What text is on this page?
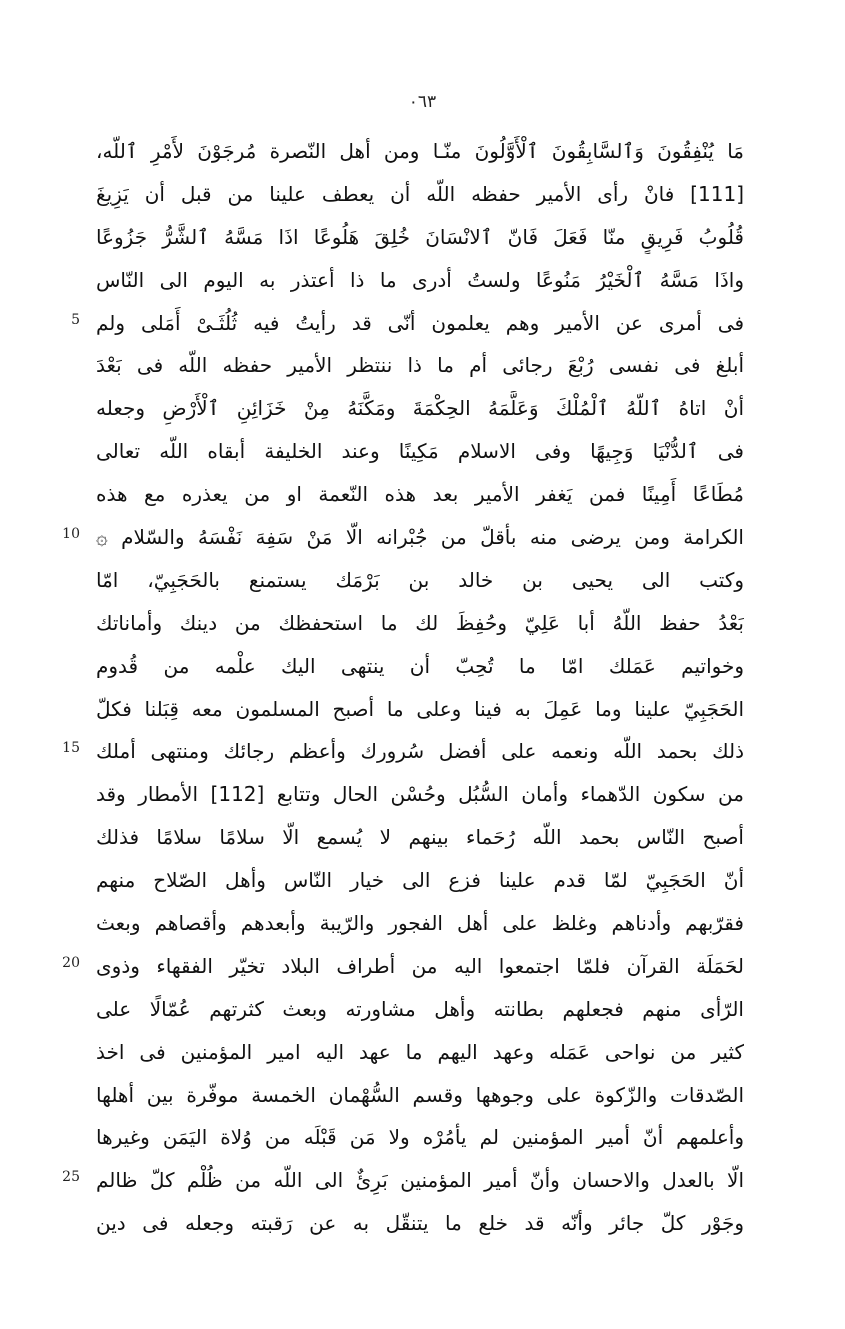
٠٦٣
مَا يُنْفِقُونَ وَٱلسَّابِقُونَ ٱلْأَوَّلُونَ منّـا ومن أهل النّصرة مُرجَوْنَ لأَمْرِ ٱللّه،
[111] فانْ رأى الأمير حفظه اللّه أن يعطف علينا من قبل أن يَزِيغَ
قُلُوبُ فَرِيقٍ منّا فَعَلَ فَانّ ٱلانْسَانَ خُلِقَ هَلُوعًا اذَا مَسَّهُ ٱلشَّرُّ جَزُوعًا
واذَا مَسَّهُ ٱلْخَيْرُ مَنُوعًا ولستُ أدرى ما ذا أعتذر به اليوم الى النّاس
5 فى أمرى عن الأمير وهم يعلمون أنّى قد رأيتُ فيه ثُلُثَـىْ أَمَلى ولم
أبلغ فى نفسى رُبْعَ رجائى أم ما ذا ننتظر الأمير حفظه اللّه فى بَعْدَ
أنْ اتاهُ ٱللّهُ ٱلْمُلْكَ وَعَلَّمَهُ الحِكْمَةَ ومَكَّنَهُ مِنْ خَزَائِنِ ٱلْأَرْضِ وجعله
فى ٱلدُّنْيَا وَجِيهًا وفى الاسلام مَكِينًا وعند الخليفة أبقاه اللّه تعالى
مُطَاعًا أَمِينًا فمن يَغفر الأمير بعد هذه النّعمة او من يعذره مع هذه
10 الكرامة ومن يرضى منه بأقلّ من جُبْرانه الّا مَنْ سَفِهَ نَفْسَهُ والسّلام ۞
وكتب الى يحيى بن خالد بن بَرْمَك يستمنع بالحَجَبِيّ، امّا
بَعْدُ حفظ اللّهُ أبا عَلِيّ وحُفِظَ لك ما استحفظك من دينك وأماناتك
وخواتيم عَمَلك امّا ما تُحِبّ أن ينتهى اليك علْمه من قُدوم
الحَجَبِيّ علينا وما عَمِلَ به فينا وعلى ما أصبح المسلمون معه قِبَلنا فكلّ
15 ذلك بحمد اللّه ونعمه على أفضل سُرورك وأعظم رجائك ومنتهى أملك
من سكون الدّهماء وأمان السُّبُل وحُسْن الحال وتتابع [112] الأمطار وقد
أصبح النّاس بحمد اللّه رُحَماء بينهم لا يُسمع الّا سلامًا سلامًا فذلك
أنّ الحَجَبِيّ لمّا قدم علينا فزع الى خيار النّاس وأهل الصّلاح منهم
فقرّبهم وأدناهم وغلظ على أهل الفجور والرّيبة وأبعدهم وأقصاهم وبعث
20 لحَمَلَة القرآن فلمّا اجتمعوا اليه من أطراف البلاد تخيّر الفقهاء وذوى
الرّأى منهم فجعلهم بطانته وأهل مشاورته وبعث كثرتهم عُمّالًا على
كثير من نواحى عَمَله وعهد اليهم ما عهد اليه امير المؤمنين فى اخذ
الصّدقات والزّكوة على وجوهها وقسم السُّهْمان الخمسة موفّرة بين أهلها
وأعلمهم أنّ أمير المؤمنين لم يأمُرْه ولا مَن قَبْلَه من وُلاة اليَمَن وغيرها
25 الّا بالعدل والاحسان وأنّ أمير المؤمنين بَرِئٌ الى اللّه من ظُلْم كلّ ظالم
وجَوْر كلّ جائر وأنّه قد خلع ما يتنقّل به عن رَقبته وجعله فى دين
